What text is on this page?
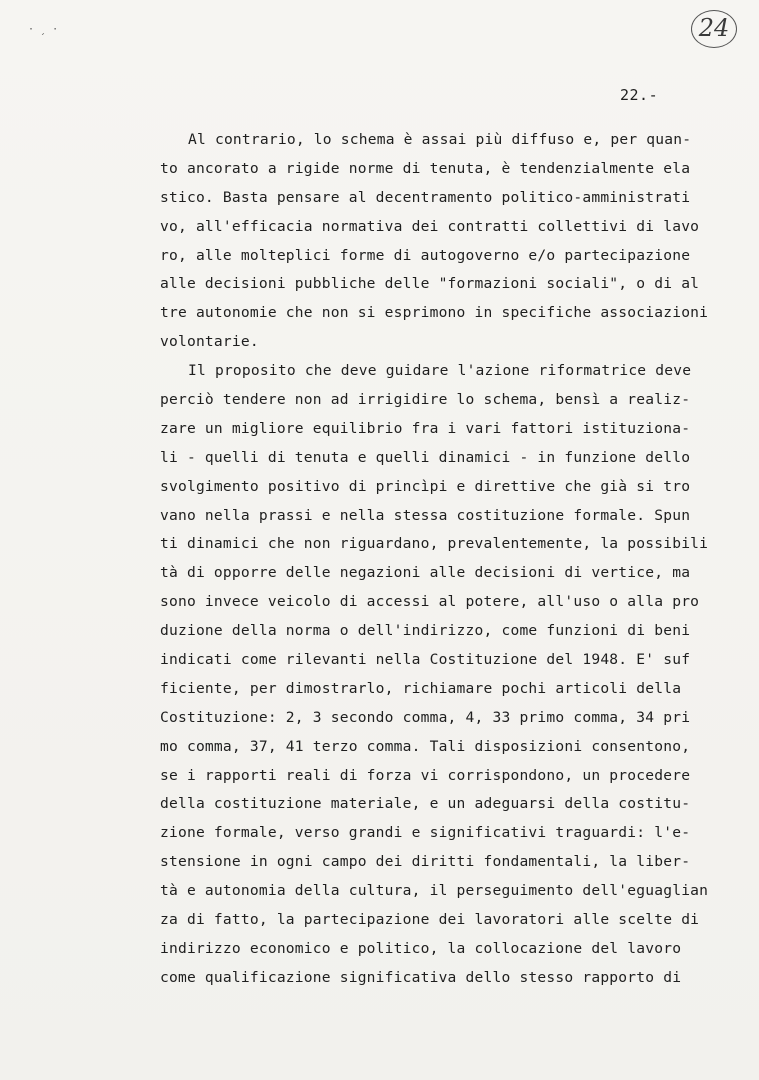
· ˏ ·	24
22.-
Al contrario, lo schema è assai più diffuso e, per quan-
to ancorato a rigide norme di tenuta, è tendenzialmente ela
stico. Basta pensare al decentramento politico-amministrati
vo, all'efficacia normativa dei contratti collettivi di lavo
ro, alle molteplici forme di autogoverno e/o partecipazione
alle decisioni pubbliche delle "formazioni sociali", o di al
tre autonomie che non si esprimono in specifiche associazioni
volontarie.
Il proposito che deve guidare l'azione riformatrice deve
perciò tendere non ad irrigidire lo schema, bensì a realiz-
zare un migliore equilibrio fra i vari fattori istituziona-
li - quelli di tenuta e quelli dinamici - in funzione dello
svolgimento positivo di princìpi e direttive che già si tro
vano nella prassi e nella stessa costituzione formale. Spun
ti dinamici che non riguardano, prevalentemente, la possibili
tà di opporre delle negazioni alle decisioni di vertice, ma
sono invece veicolo di accessi al potere, all'uso o alla pro
duzione della norma o dell'indirizzo, come funzioni di beni
indicati come rilevanti nella Costituzione del 1948. E' suf
ficiente, per dimostrarlo, richiamare pochi articoli della
Costituzione: 2, 3 secondo comma, 4, 33 primo comma, 34 pri
mo comma, 37, 41 terzo comma. Tali disposizioni consentono,
se i rapporti reali di forza vi corrispondono, un procedere
della costituzione materiale, e un adeguarsi della costitu-
zione formale, verso grandi e significativi traguardi: l'e-
stensione in ogni campo dei diritti fondamentali, la liber-
tà e autonomia della cultura, il perseguimento dell'eguaglian
za di fatto, la partecipazione dei lavoratori alle scelte di
indirizzo economico e politico, la collocazione del lavoro
come qualificazione significativa dello stesso rapporto di
